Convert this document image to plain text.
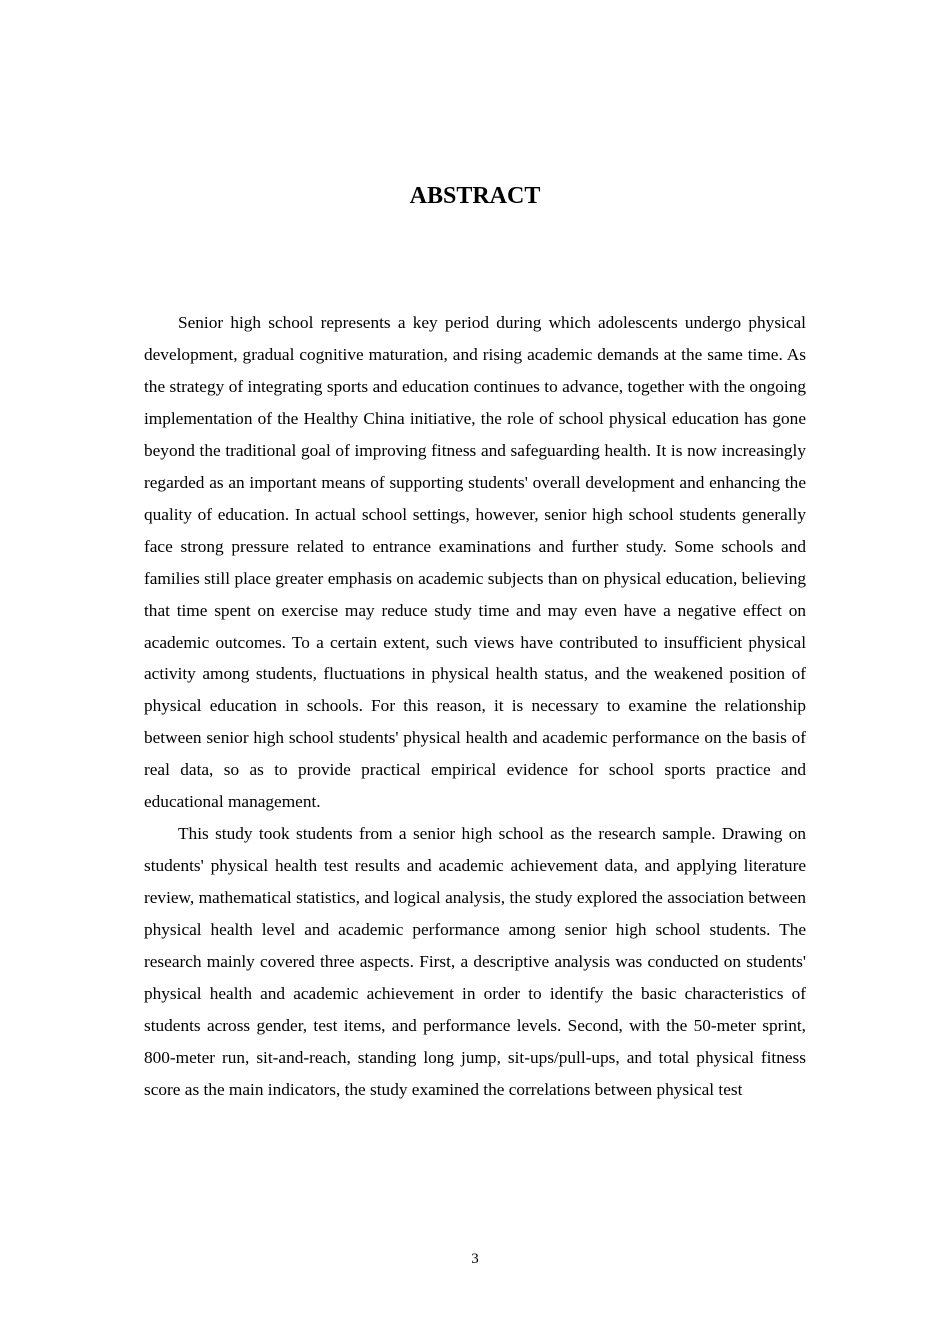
ABSTRACT

Senior high school represents a key period during which adolescents undergo physical development, gradual cognitive maturation, and rising academic demands at the same time. As the strategy of integrating sports and education continues to advance, together with the ongoing implementation of the Healthy China initiative, the role of school physical education has gone beyond the traditional goal of improving fitness and safeguarding health. It is now increasingly regarded as an important means of supporting students' overall development and enhancing the quality of education. In actual school settings, however, senior high school students generally face strong pressure related to entrance examinations and further study. Some schools and families still place greater emphasis on academic subjects than on physical education, believing that time spent on exercise may reduce study time and may even have a negative effect on academic outcomes. To a certain extent, such views have contributed to insufficient physical activity among students, fluctuations in physical health status, and the weakened position of physical education in schools. For this reason, it is necessary to examine the relationship between senior high school students' physical health and academic performance on the basis of real data, so as to provide practical empirical evidence for school sports practice and educational management.

This study took students from a senior high school as the research sample. Drawing on students' physical health test results and academic achievement data, and applying literature review, mathematical statistics, and logical analysis, the study explored the association between physical health level and academic performance among senior high school students. The research mainly covered three aspects. First, a descriptive analysis was conducted on students' physical health and academic achievement in order to identify the basic characteristics of students across gender, test items, and performance levels. Second, with the 50-meter sprint, 800-meter run, sit-and-reach, standing long jump, sit-ups/pull-ups, and total physical fitness score as the main indicators, the study examined the correlations between physical test

3
